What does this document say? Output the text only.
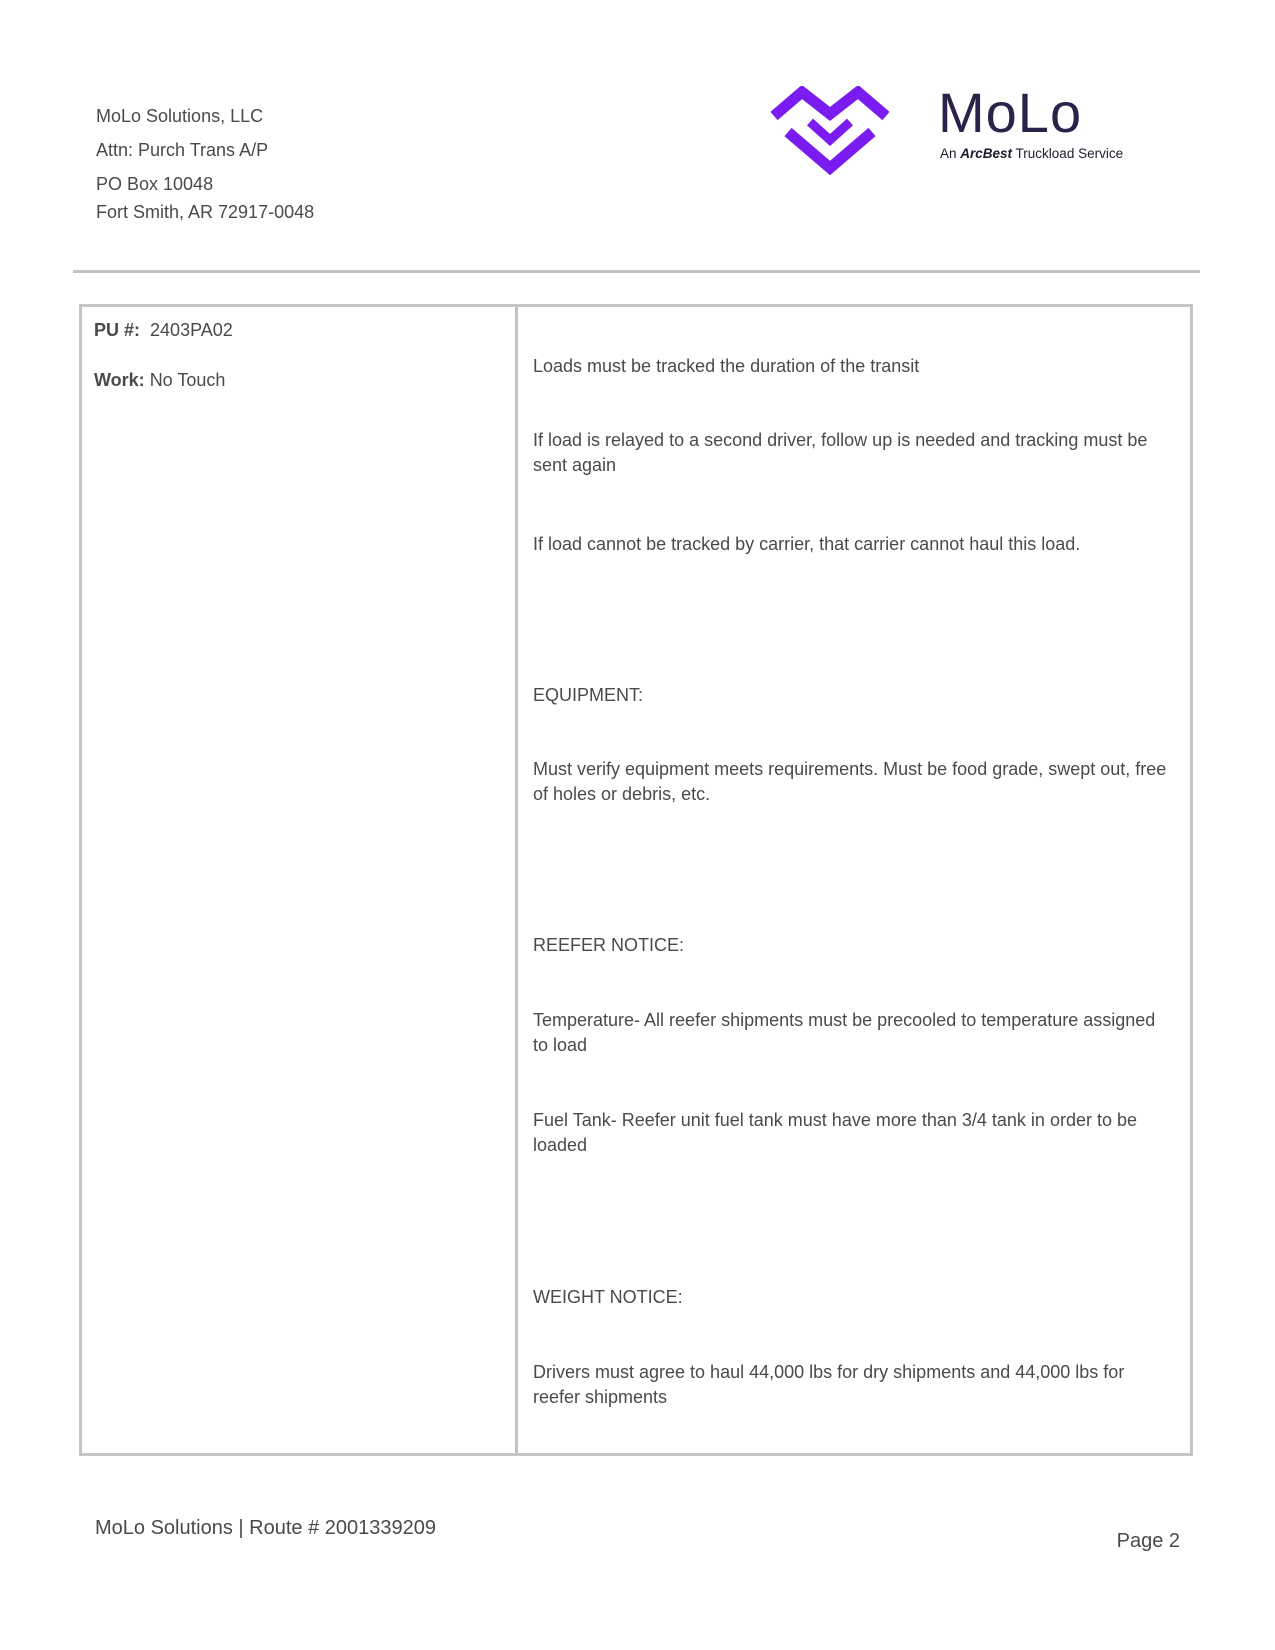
MoLo Solutions, LLC
Attn: Purch Trans A/P
PO Box 10048
Fort Smith, AR 72917-0048
MoLo
An ArcBest Truckload Service
PU #: 2403PA02
Work: No Touch
Loads must be tracked the duration of the transit
If load is relayed to a second driver, follow up is needed and tracking must be sent again
If load cannot be tracked by carrier, that carrier cannot haul this load.
EQUIPMENT:
Must verify equipment meets requirements. Must be food grade, swept out, free of holes or debris, etc.
REEFER NOTICE:
Temperature- All reefer shipments must be precooled to temperature assigned to load
Fuel Tank- Reefer unit fuel tank must have more than 3/4 tank in order to be loaded
WEIGHT NOTICE:
Drivers must agree to haul 44,000 lbs for dry shipments and 44,000 lbs for reefer shipments
MoLo Solutions | Route # 2001339209
Page 2
